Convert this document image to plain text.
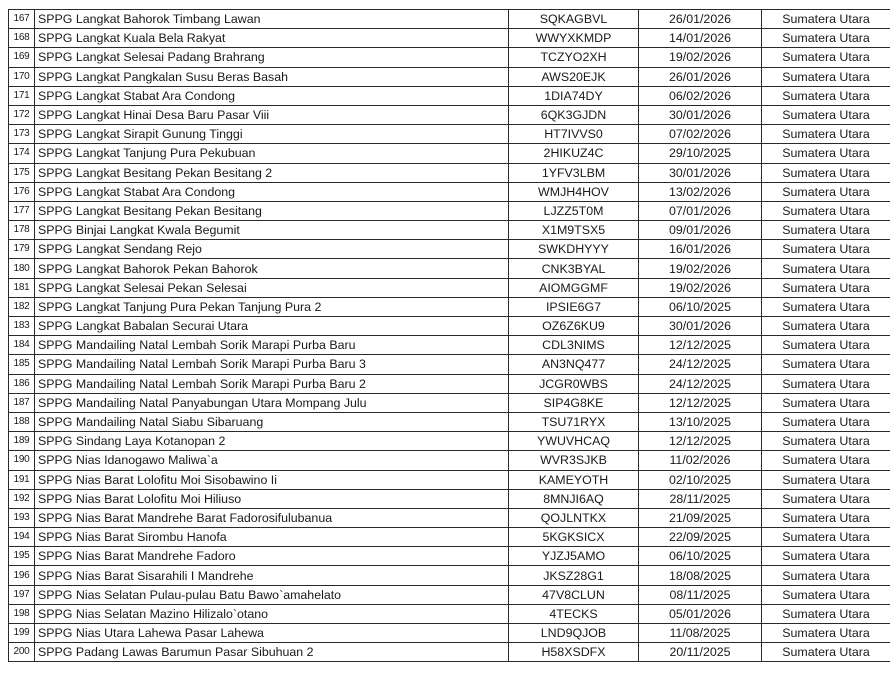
167	SPPG Langkat Bahorok Timbang Lawan	SQKAGBVL	26/01/2026	Sumatera Utara
168	SPPG Langkat Kuala Bela Rakyat	WWYXKMDP	14/01/2026	Sumatera Utara
169	SPPG Langkat Selesai Padang Brahrang	TCZYO2XH	19/02/2026	Sumatera Utara
170	SPPG Langkat Pangkalan Susu Beras Basah	AWS20EJK	26/01/2026	Sumatera Utara
171	SPPG Langkat Stabat Ara Condong	1DIA74DY	06/02/2026	Sumatera Utara
172	SPPG Langkat Hinai Desa Baru Pasar Viii	6QK3GJDN	30/01/2026	Sumatera Utara
173	SPPG Langkat Sirapit Gunung Tinggi	HT7IVVS0	07/02/2026	Sumatera Utara
174	SPPG Langkat Tanjung Pura Pekubuan	2HIKUZ4C	29/10/2025	Sumatera Utara
175	SPPG Langkat Besitang Pekan Besitang 2	1YFV3LBM	30/01/2026	Sumatera Utara
176	SPPG Langkat Stabat Ara Condong	WMJH4HOV	13/02/2026	Sumatera Utara
177	SPPG Langkat Besitang Pekan Besitang	LJZZ5T0M	07/01/2026	Sumatera Utara
178	SPPG Binjai Langkat Kwala Begumit	X1M9TSX5	09/01/2026	Sumatera Utara
179	SPPG Langkat Sendang Rejo	SWKDHYYY	16/01/2026	Sumatera Utara
180	SPPG Langkat Bahorok Pekan Bahorok	CNK3BYAL	19/02/2026	Sumatera Utara
181	SPPG Langkat Selesai Pekan Selesai	AIOMGGMF	19/02/2026	Sumatera Utara
182	SPPG Langkat Tanjung Pura Pekan Tanjung Pura 2	IPSIE6G7	06/10/2025	Sumatera Utara
183	SPPG Langkat Babalan Securai Utara	OZ6Z6KU9	30/01/2026	Sumatera Utara
184	SPPG Mandailing Natal Lembah Sorik Marapi Purba Baru	CDL3NIMS	12/12/2025	Sumatera Utara
185	SPPG Mandailing Natal Lembah Sorik Marapi Purba Baru 3	AN3NQ477	24/12/2025	Sumatera Utara
186	SPPG Mandailing Natal Lembah Sorik Marapi Purba Baru 2	JCGR0WBS	24/12/2025	Sumatera Utara
187	SPPG Mandailing Natal Panyabungan Utara Mompang Julu	SIP4G8KE	12/12/2025	Sumatera Utara
188	SPPG Mandailing Natal Siabu Sibaruang	TSU71RYX	13/10/2025	Sumatera Utara
189	SPPG Sindang Laya Kotanopan 2	YWUVHCAQ	12/12/2025	Sumatera Utara
190	SPPG Nias Idanogawo Maliwa`a	WVR3SJKB	11/02/2026	Sumatera Utara
191	SPPG Nias Barat Lolofitu Moi Sisobawino Ii	KAMEYOTH	02/10/2025	Sumatera Utara
192	SPPG Nias Barat Lolofitu Moi Hiliuso	8MNJI6AQ	28/11/2025	Sumatera Utara
193	SPPG Nias Barat Mandrehe Barat Fadorosifulubanua	QOJLNTKX	21/09/2025	Sumatera Utara
194	SPPG Nias Barat Sirombu Hanofa	5KGKSICX	22/09/2025	Sumatera Utara
195	SPPG Nias Barat Mandrehe Fadoro	YJZJ5AMO	06/10/2025	Sumatera Utara
196	SPPG Nias Barat Sisarahili I Mandrehe	JKSZ28G1	18/08/2025	Sumatera Utara
197	SPPG Nias Selatan Pulau-pulau Batu Bawo`amahelato	47V8CLUN	08/11/2025	Sumatera Utara
198	SPPG Nias Selatan Mazino Hilizalo`otano	4TECKS	05/01/2026	Sumatera Utara
199	SPPG Nias Utara Lahewa Pasar Lahewa	LND9QJOB	11/08/2025	Sumatera Utara
200	SPPG Padang Lawas Barumun Pasar Sibuhuan 2	H58XSDFX	20/11/2025	Sumatera Utara
